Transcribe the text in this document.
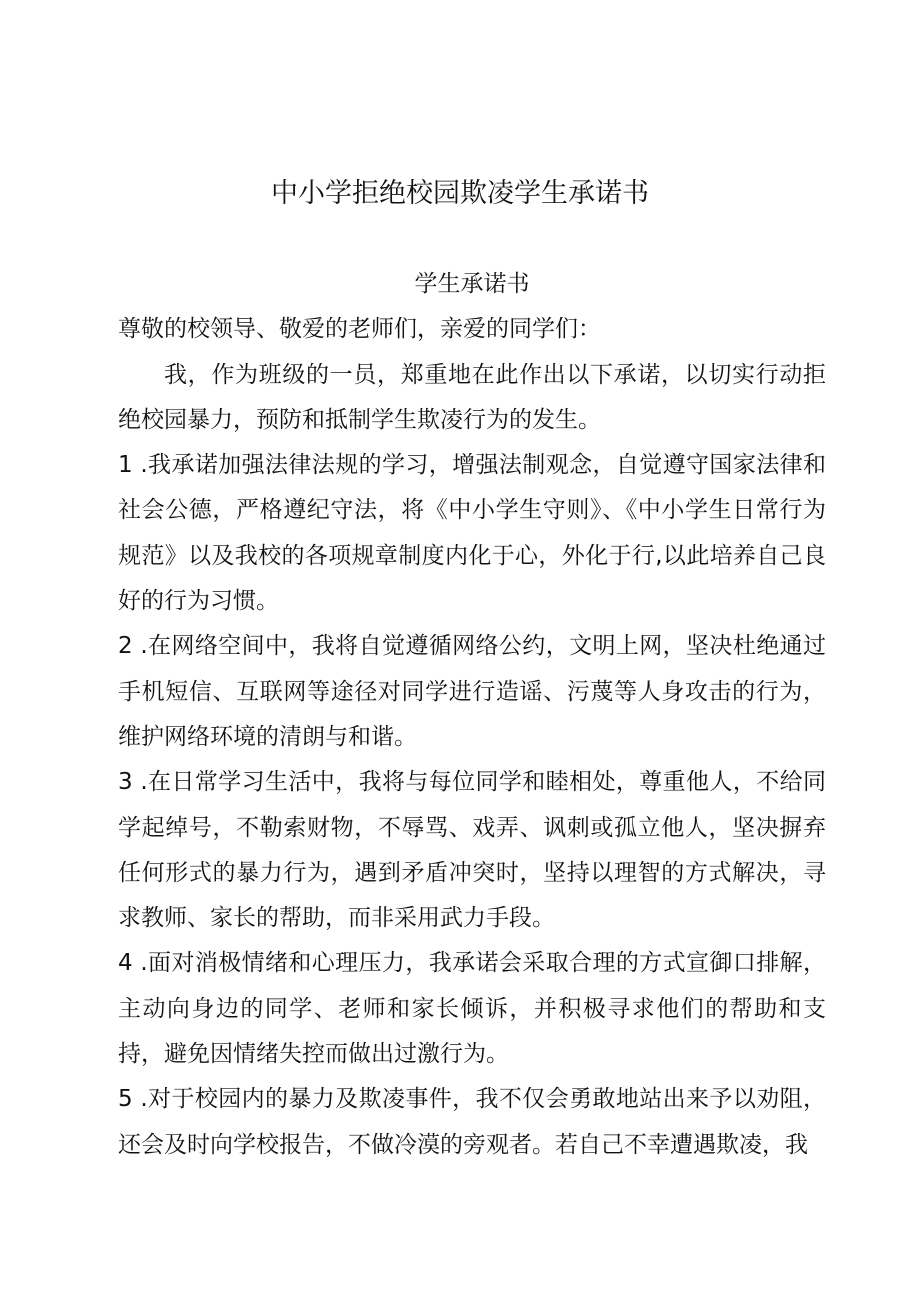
中小学拒绝校园欺凌学生承诺书
学生承诺书
尊敬的校领导、敬爱的老师们，亲爱的同学们：
我，作为班级的一员，郑重地在此作出以下承诺，以切实行动拒绝校园暴力，预防和抵制学生欺凌行为的发生。
1 .我承诺加强法律法规的学习，增强法制观念，自觉遵守国家法律和社会公德，严格遵纪守法，将《中小学生守则》、《中小学生日常行为规范》以及我校的各项规章制度内化于心，外化于行,以此培养自己良好的行为习惯。
2 .在网络空间中，我将自觉遵循网络公约，文明上网，坚决杜绝通过手机短信、互联网等途径对同学进行造谣、污蔑等人身攻击的行为，维护网络环境的清朗与和谐。
3 .在日常学习生活中，我将与每位同学和睦相处，尊重他人，不给同学起绰号，不勒索财物，不辱骂、戏弄、讽刺或孤立他人，坚决摒弃任何形式的暴力行为，遇到矛盾冲突时，坚持以理智的方式解决，寻求教师、家长的帮助，而非采用武力手段。
4 .面对消极情绪和心理压力，我承诺会采取合理的方式宣御口排解，主动向身边的同学、老师和家长倾诉，并积极寻求他们的帮助和支持，避免因情绪失控而做出过激行为。
5 .对于校园内的暴力及欺凌事件，我不仅会勇敢地站出来予以劝阻，还会及时向学校报告，不做冷漠的旁观者。若自己不幸遭遇欺凌，我
